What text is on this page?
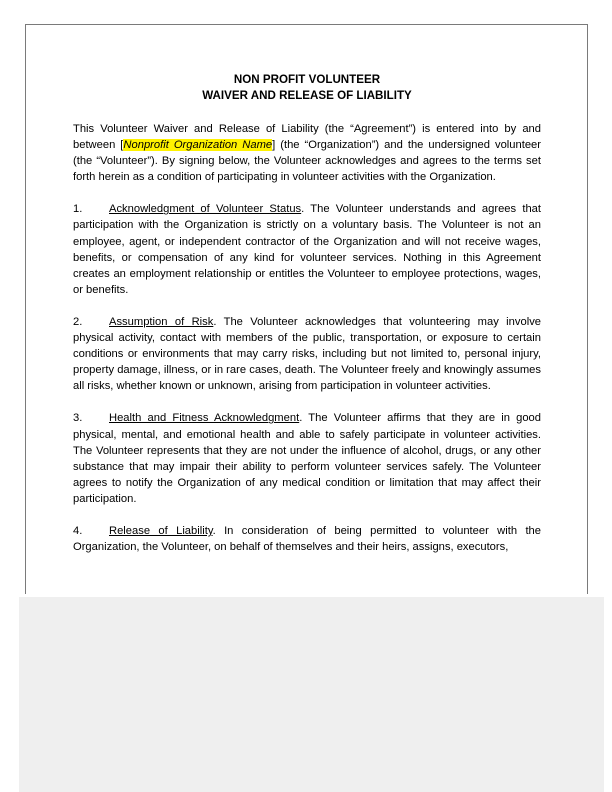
NON PROFIT VOLUNTEER
WAIVER AND RELEASE OF LIABILITY
This Volunteer Waiver and Release of Liability (the “Agreement”) is entered into by and between [Nonprofit Organization Name] (the “Organization”) and the undersigned volunteer (the “Volunteer”). By signing below, the Volunteer acknowledges and agrees to the terms set forth herein as a condition of participating in volunteer activities with the Organization.
1. Acknowledgment of Volunteer Status. The Volunteer understands and agrees that participation with the Organization is strictly on a voluntary basis. The Volunteer is not an employee, agent, or independent contractor of the Organization and will not receive wages, benefits, or compensation of any kind for volunteer services. Nothing in this Agreement creates an employment relationship or entitles the Volunteer to employee protections, wages, or benefits.
2. Assumption of Risk. The Volunteer acknowledges that volunteering may involve physical activity, contact with members of the public, transportation, or exposure to certain conditions or environments that may carry risks, including but not limited to, personal injury, property damage, illness, or in rare cases, death. The Volunteer freely and knowingly assumes all risks, whether known or unknown, arising from participation in volunteer activities.
3. Health and Fitness Acknowledgment. The Volunteer affirms that they are in good physical, mental, and emotional health and able to safely participate in volunteer activities. The Volunteer represents that they are not under the influence of alcohol, drugs, or any other substance that may impair their ability to perform volunteer services safely. The Volunteer agrees to notify the Organization of any medical condition or limitation that may affect their participation.
4. Release of Liability. In consideration of being permitted to volunteer with the Organization, the Volunteer, on behalf of themselves and their heirs, assigns, executors,
